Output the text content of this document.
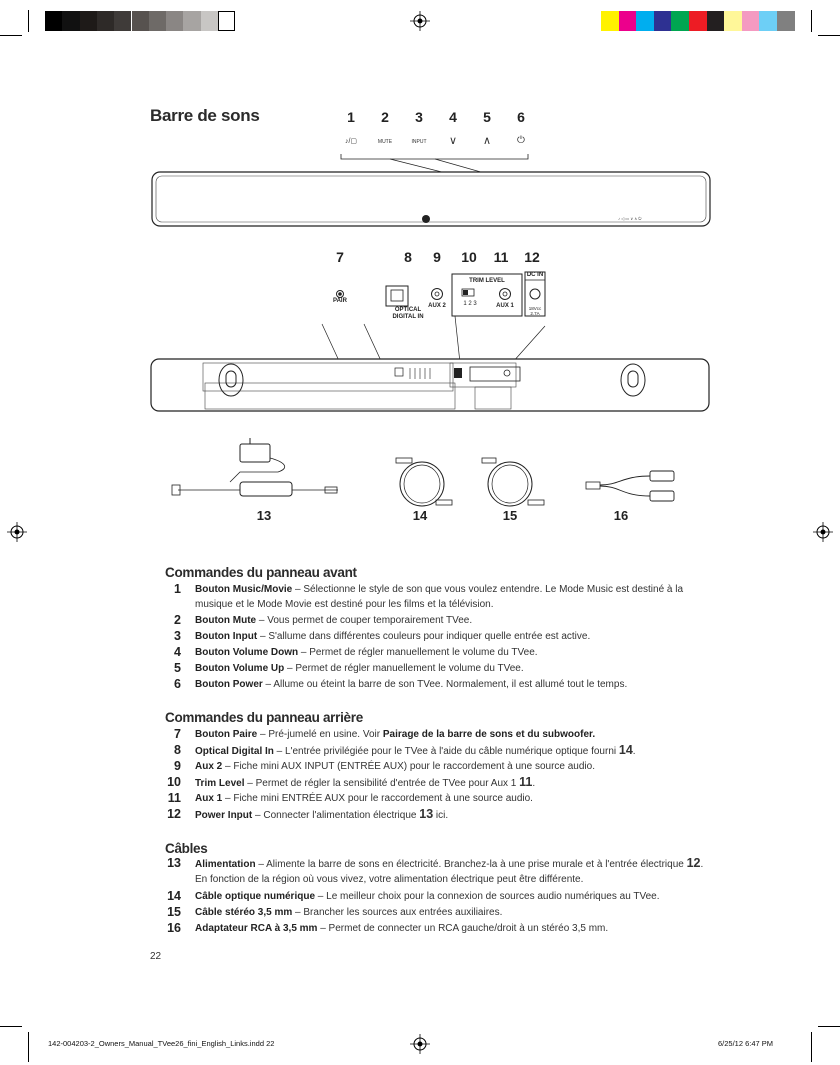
Barre de sons	1	2	3	4	5	6
♪/▢	MUTE	INPUT	∨	∧	⏻
♪ ◁ ▭ ∨ ∧ ⏻
7	8	9	10	11	12
PAIR
OPTICAL
DIGITAL IN
AUX 2
TRIM LEVEL
1 2 3	AUX 1
DC IN
18Vcc
2.7A
13	14	15	16
Commandes du panneau avant
1 Bouton Music/Movie – Sélectionne le style de son que vous voulez entendre. Le Mode Music est destiné à la musique et le Mode Movie est destiné pour les films et la télévision.
2 Bouton Mute – Vous permet de couper temporairement TVee.
3 Bouton Input – S'allume dans différentes couleurs pour indiquer quelle entrée est active.
4 Bouton Volume Down – Permet de régler manuellement le volume du TVee.
5 Bouton Volume Up – Permet de régler manuellement le volume du TVee.
6 Bouton Power – Allume ou éteint la barre de son TVee. Normalement, il est allumé tout le temps.
Commandes du panneau arrière
7 Bouton Paire – Pré-jumelé en usine. Voir Pairage de la barre de sons et du subwoofer.
8 Optical Digital In – L'entrée privilégiée pour le TVee à l'aide du câble numérique optique fourni 14.
9 Aux 2 – Fiche mini AUX INPUT (ENTRÉE AUX) pour le raccordement à une source audio.
10 Trim Level – Permet de régler la sensibilité d'entrée de TVee pour Aux 1 11.
11 Aux 1 – Fiche mini ENTRÉE AUX pour le raccordement à une source audio.
12 Power Input – Connecter l'alimentation électrique 13 ici.
Câbles
13 Alimentation – Alimente la barre de sons en électricité. Branchez-la à une prise murale et à l'entrée électrique 12.
En fonction de la région où vous vivez, votre alimentation électrique peut être différente.
14 Câble optique numérique – Le meilleur choix pour la connexion de sources audio numériques au TVee.
15 Câble stéréo 3,5 mm – Brancher les sources aux entrées auxiliaires.
16 Adaptateur RCA à 3,5 mm – Permet de connecter un RCA gauche/droit à un stéréo 3,5 mm.
22
142-004203-2_Owners_Manual_TVee26_fini_English_Links.indd 22	6/25/12 6:47 PM
